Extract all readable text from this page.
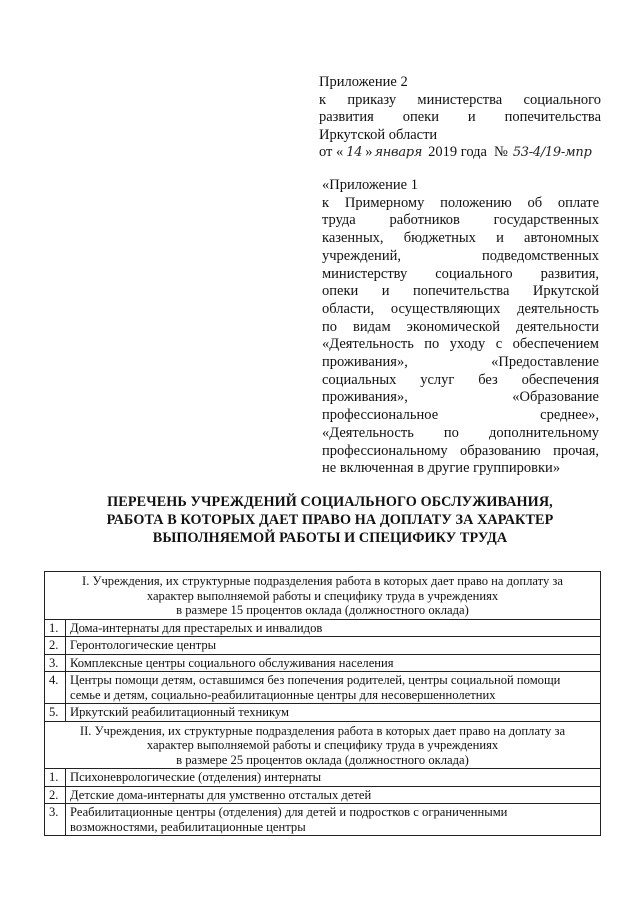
Приложение 2
к приказу министерства социального
развития опеки и попечительства
Иркутской области
от « 14 » января 2019 года № 53-4/19-мпр
«Приложение 1
к Примерному положению об оплате
труда работников государственных
казенных, бюджетных и автономных
учреждений, подведомственных
министерству социального развития,
опеки и попечительства Иркутской
области, осуществляющих деятельность
по видам экономической деятельности
«Деятельность по уходу с обеспечением
проживания», «Предоставление
социальных услуг без обеспечения
проживания», «Образование
профессиональное среднее»,
«Деятельность по дополнительному
профессиональному образованию прочая,
не включенная в другие группировки»
ПЕРЕЧЕНЬ УЧРЕЖДЕНИЙ СОЦИАЛЬНОГО ОБСЛУЖИВАНИЯ,
РАБОТА В КОТОРЫХ ДАЕТ ПРАВО НА ДОПЛАТУ ЗА ХАРАКТЕР
ВЫПОЛНЯЕМОЙ РАБОТЫ И СПЕЦИФИКУ ТРУДА
I. Учреждения, их структурные подразделения работа в которых дает право на доплату за
характер выполняемой работы и специфику труда в учреждениях
в размере 15 процентов оклада (должностного оклада)	

1.	Дома-интернаты для престарелых и инвалидов

2.	Геронтологические центры

3.	Комплексные центры социального обслуживания населения

4.	Центры помощи детям, оставшимся без попечения родителей, центры социальной помощи
семье и детям, социально-реабилитационные центры для несовершеннолетних

5.	Иркутский реабилитационный техникум

II. Учреждения, их структурные подразделения работа в которых дает право на доплату за
характер выполняемой работы и специфику труда в учреждениях
в размере 25 процентов оклада (должностного оклада)	

1.	Психоневрологические (отделения) интернаты

2.	Детские дома-интернаты для умственно отсталых детей

3.	Реабилитационные центры (отделения) для детей и подростков с ограниченными
возможностями, реабилитационные центры
